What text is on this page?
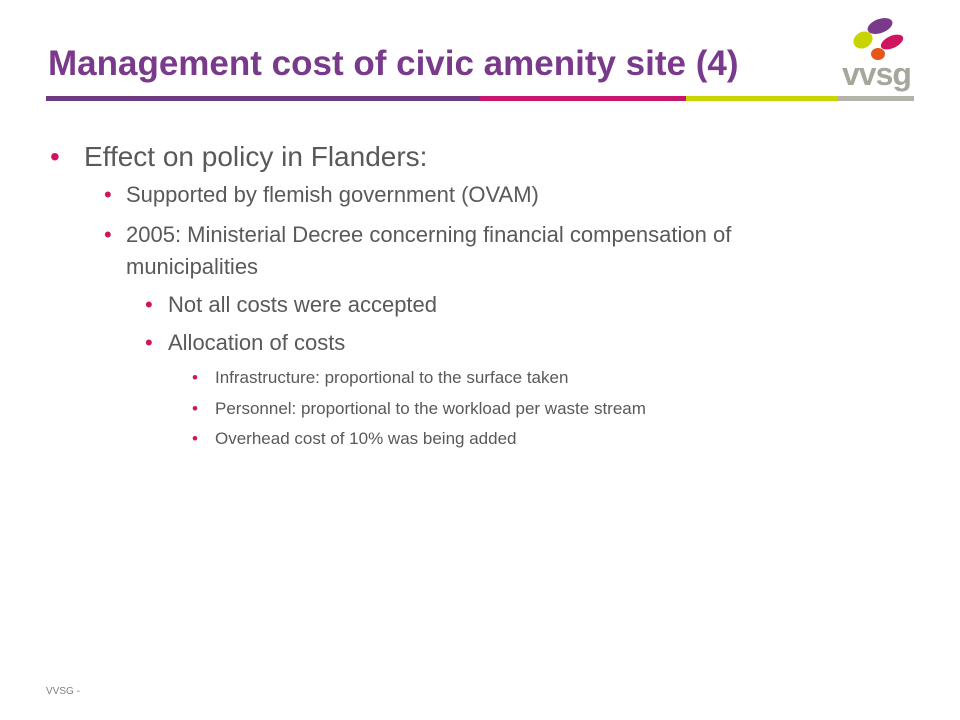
Management cost of civic amenity site (4)	vvsg
• Effect on policy in Flanders:
• Supported by flemish government (OVAM)
• 2005: Ministerial Decree concerning financial compensation of
municipalities
• Not all costs were accepted
• Allocation of costs
• Infrastructure: proportional to the surface taken
• Personnel: proportional to the workload per waste stream
• Overhead cost of 10% was being added
VVSG -
